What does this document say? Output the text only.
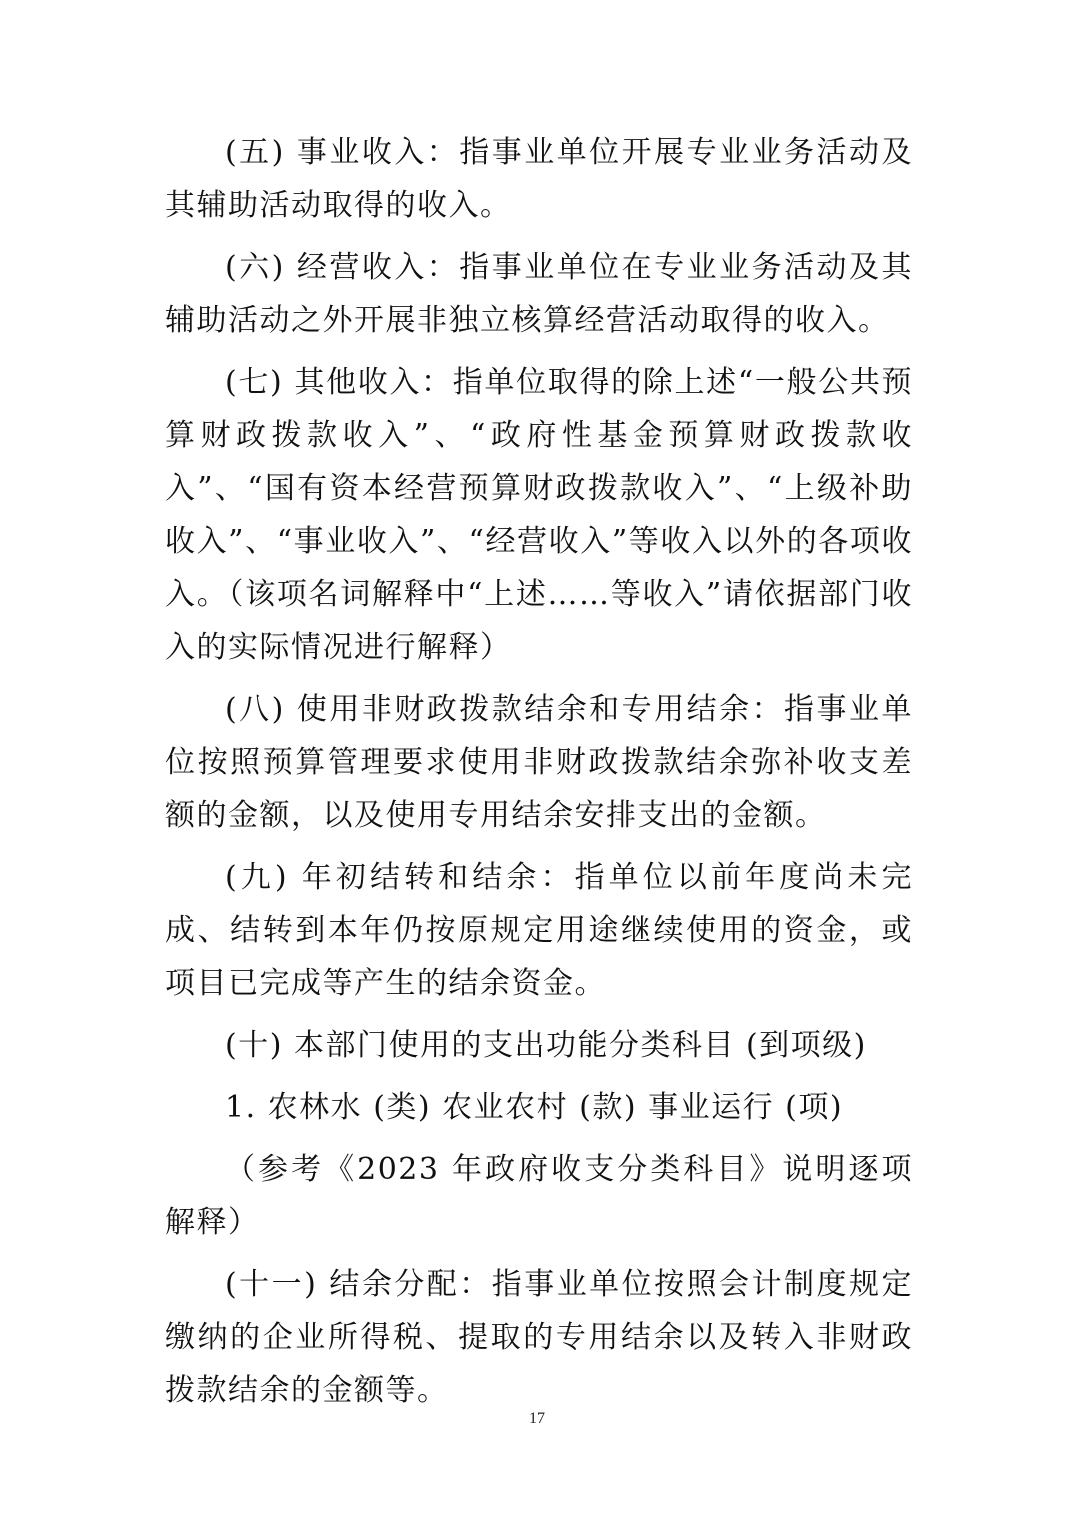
(五) 事业收入：指事业单位开展专业业务活动及其辅助活动取得的收入。

(六) 经营收入：指事业单位在专业业务活动及其辅助活动之外开展非独立核算经营活动取得的收入。

(七) 其他收入：指单位取得的除上述“一般公共预算财政拨款收入”、“政府性基金预算财政拨款收入”、“国有资本经营预算财政拨款收入”、“上级补助收入”、“事业收入”、“经营收入”等收入以外的各项收入。（该项名词解释中“上述……等收入”请依据部门收入的实际情况进行解释）

(八) 使用非财政拨款结余和专用结余：指事业单位按照预算管理要求使用非财政拨款结余弥补收支差额的金额，以及使用专用结余安排支出的金额。

(九) 年初结转和结余：指单位以前年度尚未完成、结转到本年仍按原规定用途继续使用的资金，或项目已完成等产生的结余资金。

(十) 本部门使用的支出功能分类科目 (到项级)

1. 农林水 (类) 农业农村 (款) 事业运行 (项)

（参考《2023 年政府收支分类科目》说明逐项解释）

(十一) 结余分配：指事业单位按照会计制度规定缴纳的企业所得税、提取的专用结余以及转入非财政拨款结余的金额等。

17
